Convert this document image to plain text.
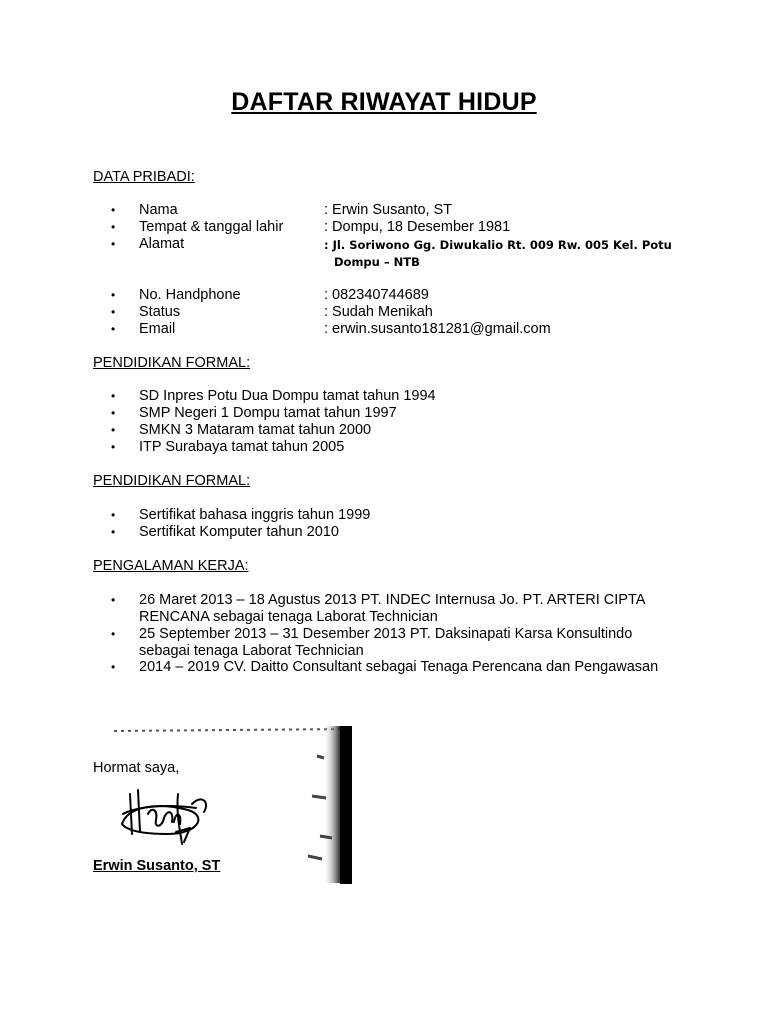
DAFTAR RIWAYAT HIDUP
DATA PRIBADI:
•	Nama	: Erwin Susanto, ST
•	Tempat & tanggal lahir	: Dompu, 18 Desember 1981
•	Alamat	: Jl. Soriwono Gg. Diwukalio Rt. 009 Rw. 005 Kel. Potu
Dompu – NTB
•	No. Handphone	: 082340744689
•	Status	: Sudah Menikah
•	Email	: erwin.susanto181281@gmail.com
PENDIDIKAN FORMAL:
•	SD Inpres Potu Dua Dompu tamat tahun 1994
•	SMP Negeri 1 Dompu tamat tahun 1997
•	SMKN 3 Mataram tamat tahun 2000
•	ITP Surabaya tamat tahun 2005
PENDIDIKAN FORMAL:
•	Sertifikat bahasa inggris tahun 1999
•	Sertifikat Komputer tahun 2010
PENGALAMAN KERJA:
•	26 Maret 2013 – 18 Agustus 2013 PT. INDEC Internusa Jo. PT. ARTERI CIPTA
RENCANA sebagai tenaga Laborat Technician
•	25 September 2013 – 31 Desember 2013 PT. Daksinapati Karsa Konsultindo
sebagai tenaga Laborat Technician
•	2014 – 2019 CV. Daitto Consultant sebagai Tenaga Perencana dan Pengawasan
Hormat saya,
Erwin Susanto, ST
